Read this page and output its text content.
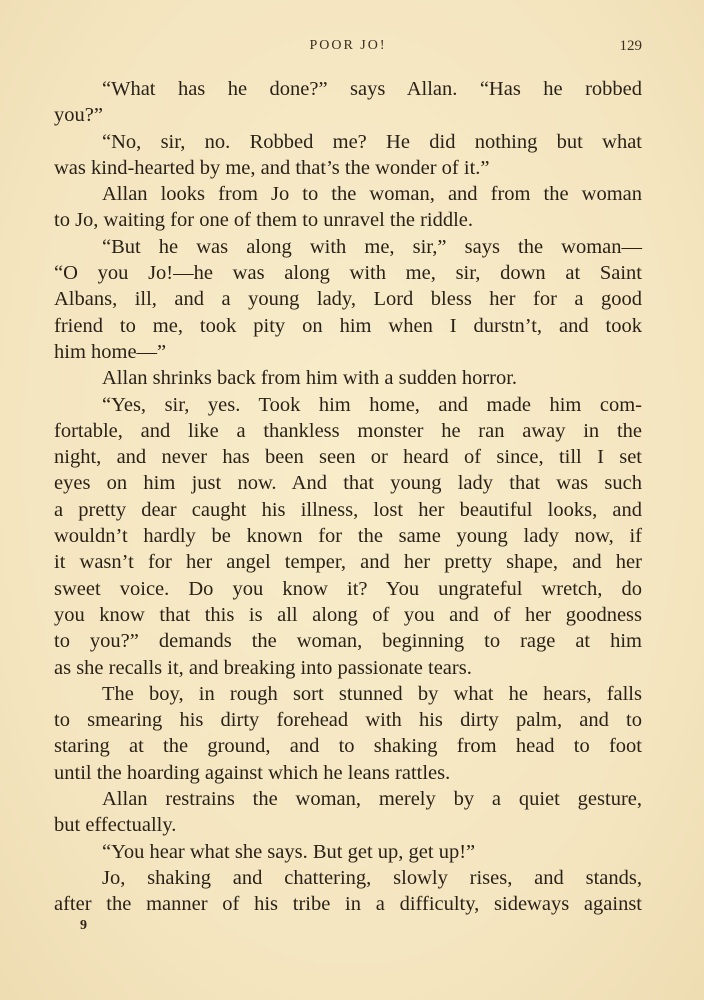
POOR JO!	129
“What has he done?” says Allan. “Has he robbed
you?”
“No, sir, no. Robbed me? He did nothing but what
was kind-hearted by me, and that’s the wonder of it.”
Allan looks from Jo to the woman, and from the woman
to Jo, waiting for one of them to unravel the riddle.
“But he was along with me, sir,” says the woman—
“O you Jo!—he was along with me, sir, down at Saint
Albans, ill, and a young lady, Lord bless her for a good
friend to me, took pity on him when I durstn’t, and took
him home—”
Allan shrinks back from him with a sudden horror.
“Yes, sir, yes. Took him home, and made him com-
fortable, and like a thankless monster he ran away in the
night, and never has been seen or heard of since, till I set
eyes on him just now. And that young lady that was such
a pretty dear caught his illness, lost her beautiful looks, and
wouldn’t hardly be known for the same young lady now, if
it wasn’t for her angel temper, and her pretty shape, and her
sweet voice. Do you know it? You ungrateful wretch, do
you know that this is all along of you and of her goodness
to you?” demands the woman, beginning to rage at him
as she recalls it, and breaking into passionate tears.
The boy, in rough sort stunned by what he hears, falls
to smearing his dirty forehead with his dirty palm, and to
staring at the ground, and to shaking from head to foot
until the hoarding against which he leans rattles.
Allan restrains the woman, merely by a quiet gesture,
but effectually.
“You hear what she says. But get up, get up!”
Jo, shaking and chattering, slowly rises, and stands,
after the manner of his tribe in a difficulty, sideways against
9
